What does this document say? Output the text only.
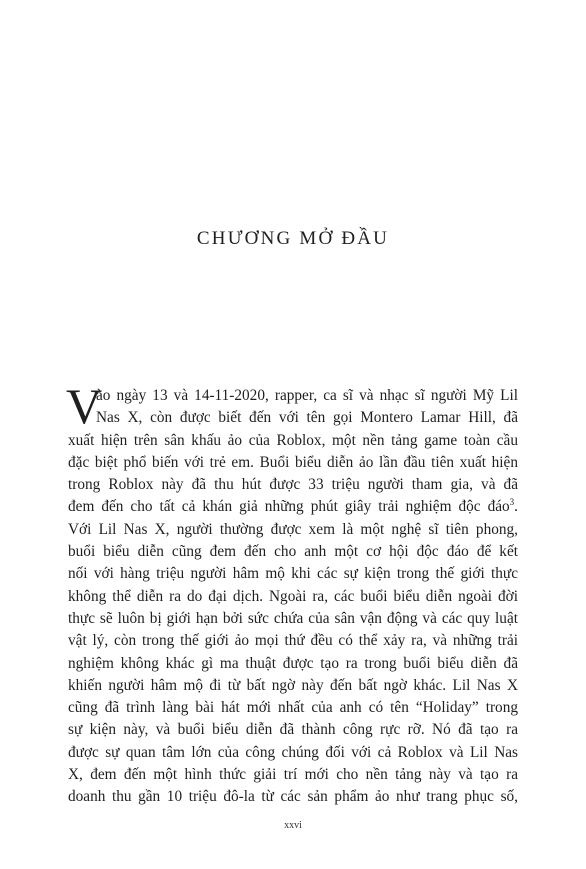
CHƯƠNG MỞ ĐẦU
V
ào ngày 13 và 14-11-2020, rapper, ca sĩ và nhạc sĩ người Mỹ Lil
Nas X, còn được biết đến với tên gọi Montero Lamar Hill, đã
xuất hiện trên sân khấu ảo của Roblox, một nền tảng game toàn cầu
đặc biệt phổ biến với trẻ em. Buổi biểu diễn ảo lần đầu tiên xuất hiện
trong Roblox này đã thu hút được 33 triệu người tham gia, và đã
đem đến cho tất cả khán giả những phút giây trải nghiệm độc đáo$^3$.
Với Lil Nas X, người thường được xem là một nghệ sĩ tiên phong,
buổi biểu diễn cũng đem đến cho anh một cơ hội độc đáo để kết
nối với hàng triệu người hâm mộ khi các sự kiện trong thế giới thực
không thể diễn ra do đại dịch. Ngoài ra, các buổi biểu diễn ngoài đời
thực sẽ luôn bị giới hạn bởi sức chứa của sân vận động và các quy luật
vật lý, còn trong thế giới ảo mọi thứ đều có thể xảy ra, và những trải
nghiệm không khác gì ma thuật được tạo ra trong buổi biểu diễn đã
khiến người hâm mộ đi từ bất ngờ này đến bất ngờ khác. Lil Nas X
cũng đã trình làng bài hát mới nhất của anh có tên “Holiday” trong
sự kiện này, và buổi biểu diễn đã thành công rực rỡ. Nó đã tạo ra
được sự quan tâm lớn của công chúng đối với cả Roblox và Lil Nas
X, đem đến một hình thức giải trí mới cho nền tảng này và tạo ra
doanh thu gần 10 triệu đô-la từ các sản phẩm ảo như trang phục số,
xxvi
